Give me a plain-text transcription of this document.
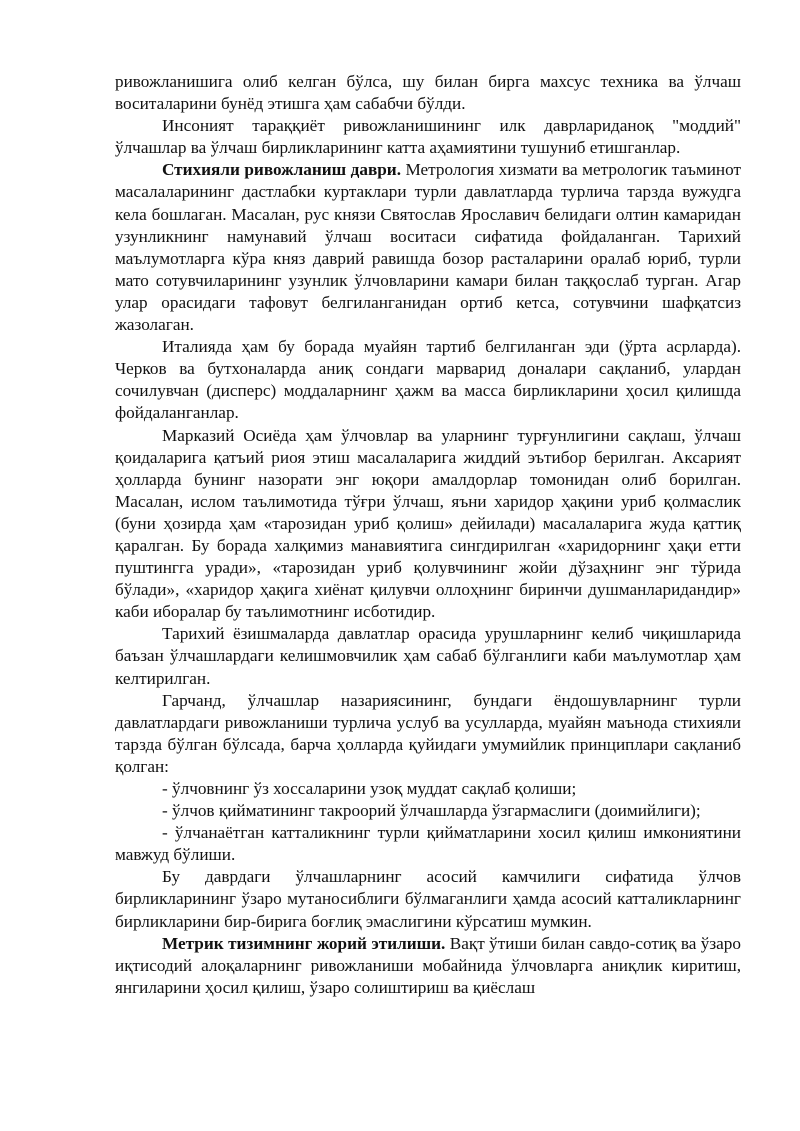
ривожланишига олиб келган бўлса, шу билан бирга махсус техника ва ўлчаш воситаларини бунёд этишга ҳам сабабчи бўлди.

Инсоният тараққиёт ривожланишининг илк даврлариданоқ "моддий" ўлчашлар ва ўлчаш бирликларининг катта аҳамиятини тушуниб етишганлар.

Стихияли ривожланиш даври. Метрология хизмати ва метрологик таъминот масалаларининг дастлабки куртаклари турли давлатларда турлича тарзда вужудга кела бошлаган. Масалан, рус князи Святослав Ярославич белидаги олтин камаридан узунликнинг намунавий ўлчаш воситаси сифатида фойдаланган. Тарихий маълумотларга кўра княз даврий равишда бозор расталарини оралаб юриб, турли мато сотувчиларининг узунлик ўлчовларини камари билан таққослаб турган. Агар улар орасидаги тафовут белгиланганидан ортиб кетса, сотувчини шафқатсиз жазолаган.

Италияда ҳам бу борада муайян тартиб белгиланган эди (ўрта асрларда). Черков ва бутхоналарда аниқ сондаги марварид доналари сақланиб, улардан сочилувчан (дисперс) моддаларнинг ҳажм ва масса бирликларини ҳосил қилишда фойдаланганлар.

Марказий Осиёда ҳам ўлчовлар ва уларнинг турғунлигини сақлаш, ўлчаш қоидаларига қатъий риоя этиш масалаларига жиддий эътибор берилган. Аксарият ҳолларда бунинг назорати энг юқори амалдорлар томонидан олиб борилган. Масалан, ислом таълимотида тўғри ўлчаш, яъни харидор ҳақини уриб қолмаслик (буни ҳозирда ҳам «тарозидан уриб қолиш» дейилади) масалаларига жуда қаттиқ қаралган. Бу борада халқимиз манавиятига сингдирилган «харидорнинг ҳақи етти пуштингга уради», «тарозидан уриб қолувчининг жойи дўзаҳнинг энг тўрида бўлади», «харидор ҳақига хиёнат қилувчи оллоҳнинг биринчи душманларидандир» каби иборалар бу таълимотнинг исботидир.

Тарихий ёзишмаларда давлатлар орасида урушларнинг келиб чиқишларида баъзан ўлчашлардаги келишмовчилик ҳам сабаб бўлганлиги каби маълумотлар ҳам келтирилган.

Гарчанд, ўлчашлар назариясининг, бундаги ёндошувларнинг турли давлатлардаги ривожланиши турлича услуб ва усулларда, муайян маънода стихияли тарзда бўлган бўлсада, барча ҳолларда қуйидаги умумийлик принциплари сақланиб қолган:

- ўлчовнинг ўз хоссаларини узоқ муддат сақлаб қолиши;

- ўлчов қийматининг такроорий ўлчашларда ўзгармаслиги (доимийлиги);

- ўлчанаётган катталикнинг турли қийматларини хосил қилиш имкониятини мавжуд бўлиши.

Бу даврдаги ўлчашларнинг асосий камчилиги сифатида ўлчов бирликларининг ўзаро мутаносиблиги бўлмаганлиги ҳамда асосий катталикларнинг бирликларини бир-бирига боғлиқ эмаслигини кўрсатиш мумкин.

Метрик тизимнинг жорий этилиши. Вақт ўтиши билан савдо-сотиқ ва ўзаро иқтисодий алоқаларнинг ривожланиши мобайнида ўлчовларга аниқлик киритиш, янгиларини ҳосил қилиш, ўзаро солиштириш ва қиёслаш
